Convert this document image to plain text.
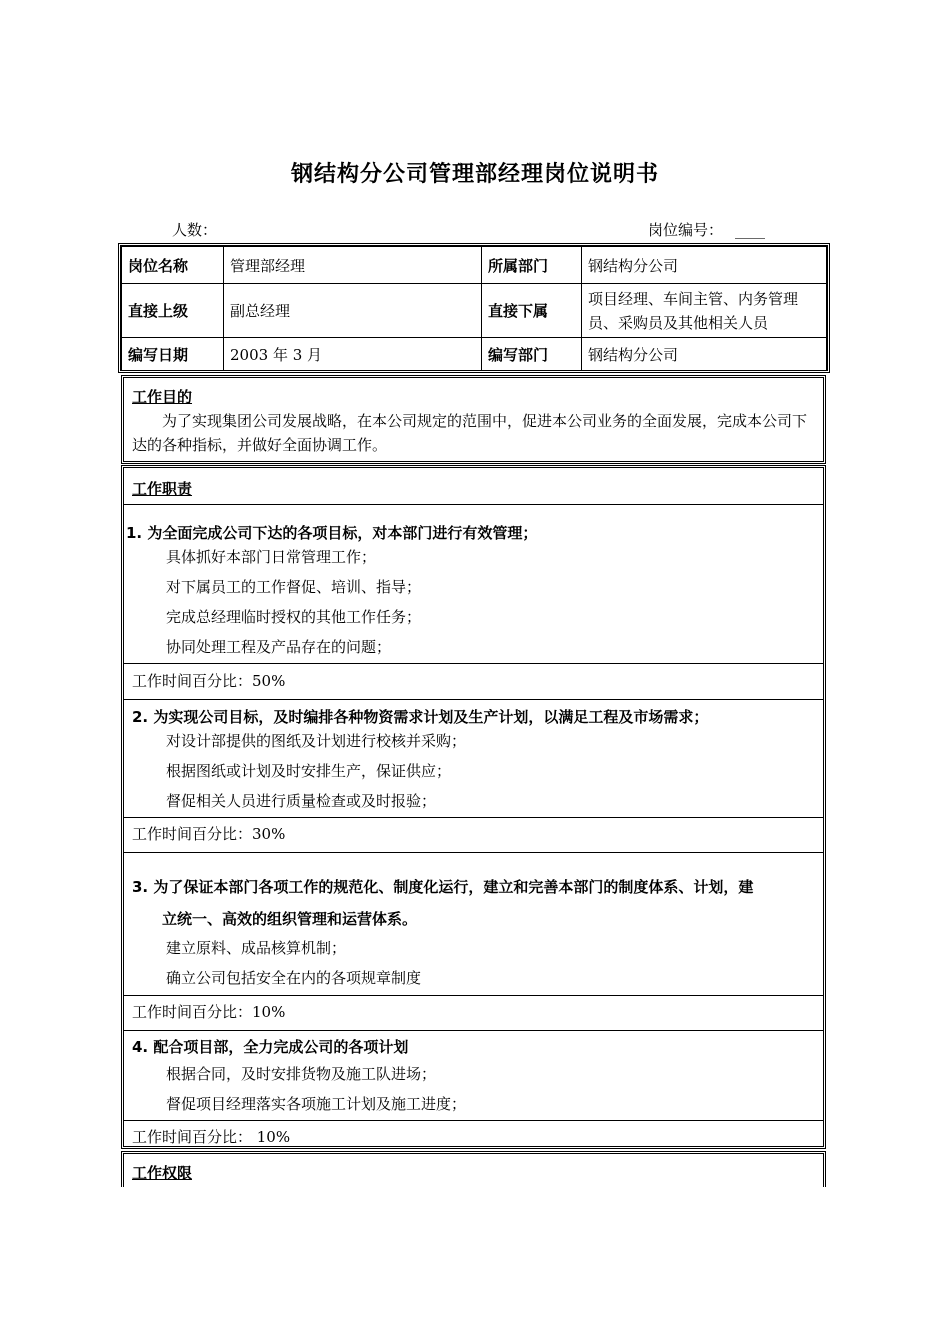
钢结构分公司管理部经理岗位说明书
人数：	岗位编号： ____
岗位名称	管理部经理	所属部门	钢结构分公司
直接上级	副总经理	直接下属	项目经理、车间主管、内务管理
员、采购员及其他相关人员

编写日期	2003 年 3 月	编写部门	钢结构分公司
工作目的
为了实现集团公司发展战略，在本公司规定的范围中，促进本公司业务的全面发展，完成本公司下达的各种指标，并做好全面协调工作。
工作职责
1. 为全面完成公司下达的各项目标，对本部门进行有效管理；
具体抓好本部门日常管理工作；
对下属员工的工作督促、培训、指导；
完成总经理临时授权的其他工作任务；
协同处理工程及产品存在的问题；
工作时间百分比：50%
2. 为实现公司目标，及时编排各种物资需求计划及生产计划，以满足工程及市场需求；
对设计部提供的图纸及计划进行校核并采购；
根据图纸或计划及时安排生产，保证供应；
督促相关人员进行质量检查或及时报验；
工作时间百分比：30%
3. 为了保证本部门各项工作的规范化、制度化运行，建立和完善本部门的制度体系、计划，建
立统一、高效的组织管理和运营体系。
建立原料、成品核算机制；
确立公司包括安全在内的各项规章制度
工作时间百分比：10%
4. 配合项目部，全力完成公司的各项计划
根据合同，及时安排货物及施工队进场；
督促项目经理落实各项施工计划及施工进度；
工作时间百分比： 10%
工作权限
